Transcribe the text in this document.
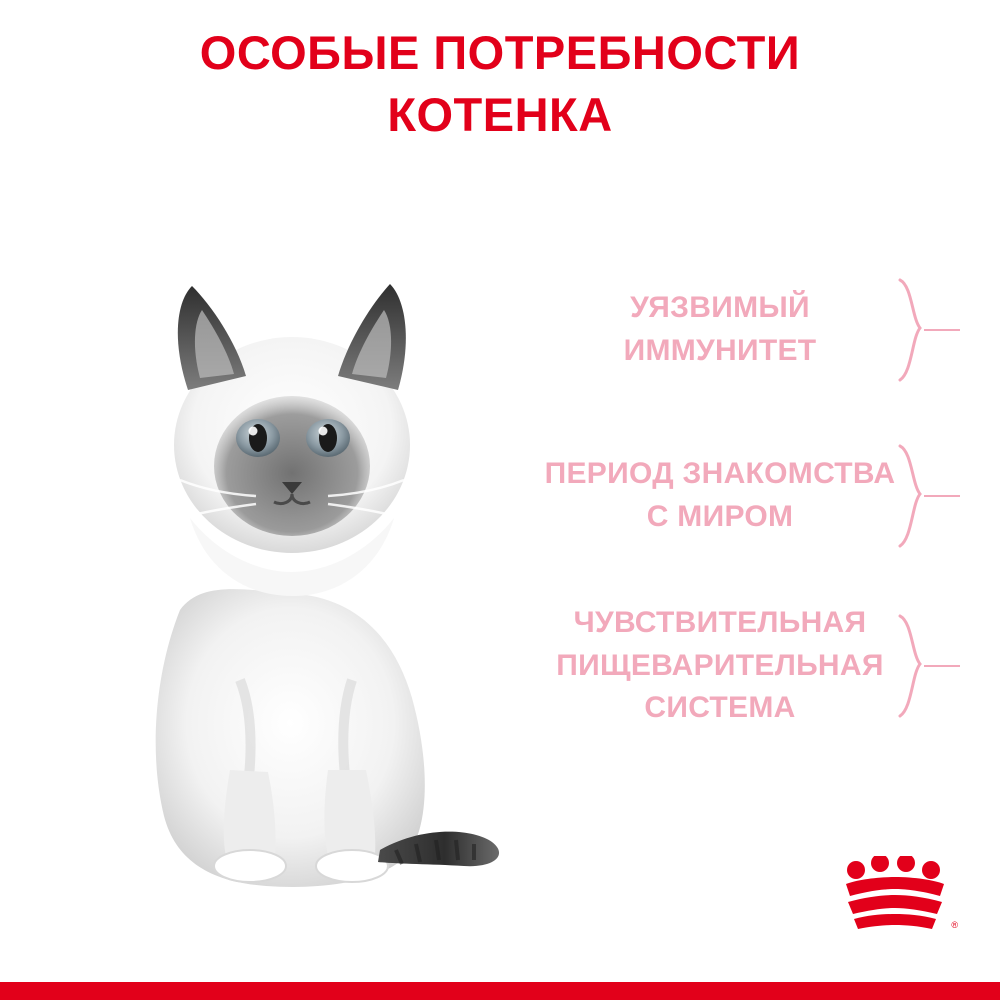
ОСОБЫЕ ПОТРЕБНОСТИ
КОТЕНКА
УЯЗВИМЫЙ
ИММУНИТЕТ
ПЕРИОД ЗНАКОМСТВА
С МИРОМ
ЧУВСТВИТЕЛЬНАЯ
ПИЩЕВАРИТЕЛЬНАЯ
СИСТЕМА
®
